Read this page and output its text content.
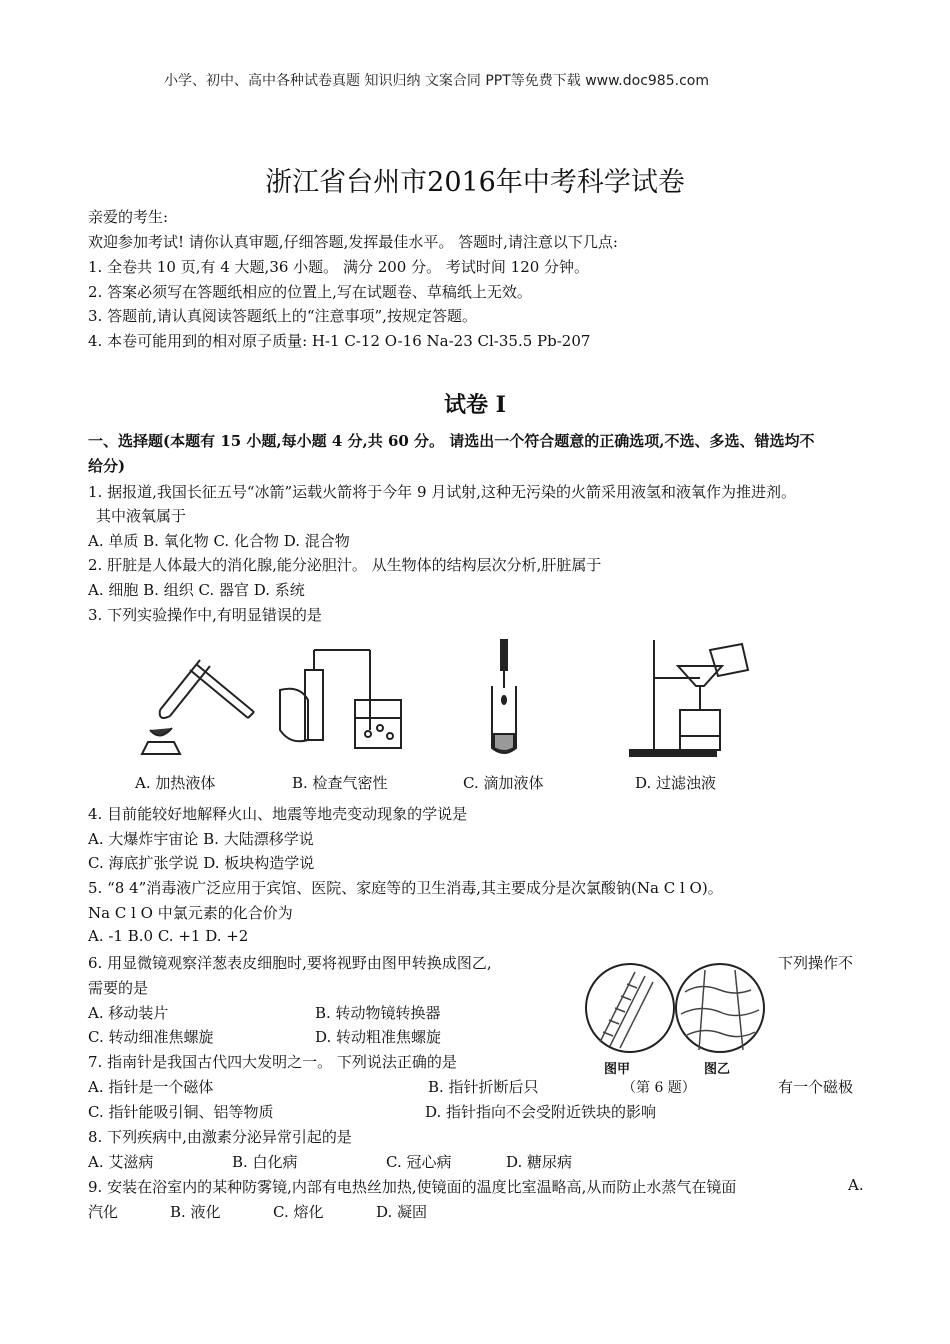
小学、初中、高中各种试卷真题 知识归纳 文案合同 PPT等免费下载 www.doc985.com
浙江省台州市2016年中考科学试卷
亲爱的考生:
欢迎参加考试! 请你认真审题,仔细答题,发挥最佳水平。 答题时,请注意以下几点:
1. 全卷共 10 页,有 4 大题,36 小题。 满分 200 分。 考试时间 120 分钟。
2. 答案必须写在答题纸相应的位置上,写在试题卷、草稿纸上无效。
3. 答题前,请认真阅读答题纸上的“注意事项”,按规定答题。
4. 本卷可能用到的相对原子质量: H-1 C-12 O-16 Na-23 Cl-35.5 Pb-207
试卷 I
一、选择题(本题有 15 小题,每小题 4 分,共 60 分。 请选出一个符合题意的正确选项,不选、多选、错选均不
给分)
1. 据报道,我国长征五号“冰箭”运载火箭将于今年 9 月试射,这种无污染的火箭采用液氢和液氧作为推进剂。
其中液氧属于
A. 单质 B. 氧化物 C. 化合物 D. 混合物
2. 肝脏是人体最大的消化腺,能分泌胆汁。 从生物体的结构层次分析,肝脏属于
A. 细胞 B. 组织 C. 器官 D. 系统
3. 下列实验操作中,有明显错误的是
A. 加热液体	B. 检查气密性	C. 滴加液体	D. 过滤浊液
4. 目前能较好地解释火山、地震等地壳变动现象的学说是
A. 大爆炸宇宙论 B. 大陆漂移学说
C. 海底扩张学说 D. 板块构造学说
5. “8 4”消毒液广泛应用于宾馆、医院、家庭等的卫生消毒,其主要成分是次氯酸钠(Na C l O)。
Na C l O 中氯元素的化合价为
A. -1 B.0 C. +1 D. +2
6. 用显微镜观察洋葱表皮细胞时,要将视野由图甲转换成图乙,	下列操作不
需要的是
A. 移动装片	B. 转动物镜转换器
C. 转动细准焦螺旋	D. 转动粗准焦螺旋
图甲	图乙
（第 6 题）
7. 指南针是我国古代四大发明之一。 下列说法正确的是
A. 指针是一个磁体	B. 指针折断后只	有一个磁极
C. 指针能吸引铜、铝等物质	D. 指针指向不会受附近铁块的影响
8. 下列疾病中,由激素分泌异常引起的是
A. 艾滋病	B. 白化病	C. 冠心病	D. 糖尿病
9. 安装在浴室内的某种防雾镜,内部有电热丝加热,使镜面的温度比室温略高,从而防止水蒸气在镜面	A.
汽化	B. 液化	C. 熔化	D. 凝固
